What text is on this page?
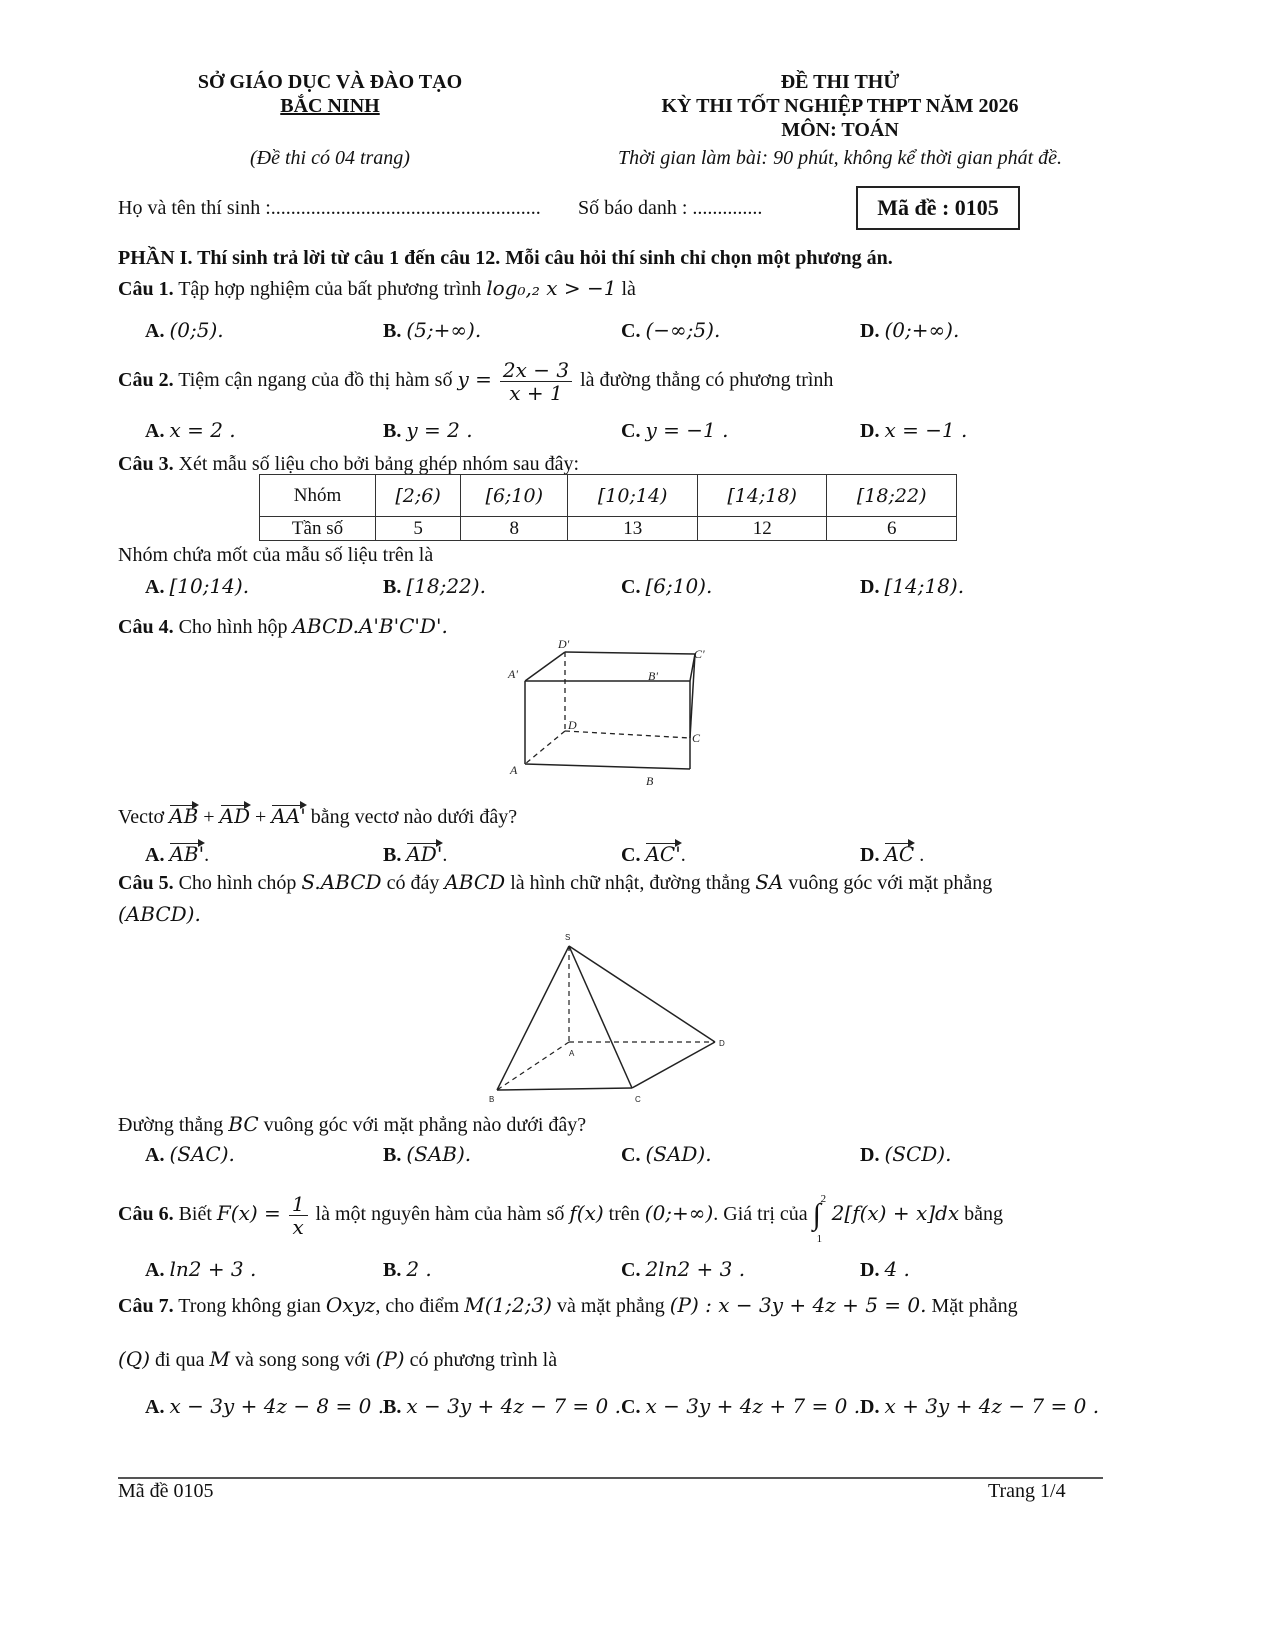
SỞ GIÁO DỤC VÀ ĐÀO TẠO
BẮC NINH
(Đề thi có 04 trang)
ĐỀ THI THỬ
KỲ THI TỐT NGHIỆP THPT NĂM 2026
MÔN: TOÁN
Thời gian làm bài: 90 phút, không kể thời gian phát đề.
Họ và tên thí sinh :...................................................... Số báo danh : ..............	Mã đề : 0105
PHẦN I. Thí sinh trả lời từ câu 1 đến câu 12. Mỗi câu hỏi thí sinh chỉ chọn một phương án.
Câu 1. Tập hợp nghiệm của bất phương trình log₀,₂ x > −1 là
A. (0;5).	B. (5;+∞).	C. (−∞;5).	D. (0;+∞).
Câu 2. Tiệm cận ngang của đồ thị hàm số $y = \frac{2x - 3}{x + 1}$ là đường thẳng có phương trình
A. x = 2 .	B. y = 2 .	C. y = −1 .	D. x = −1 .
Câu 3. Xét mẫu số liệu cho bởi bảng ghép nhóm sau đây:
Nhóm	[2;6)	[6;10)	[10;14)	[14;18)	[18;22)
Tần số	5	8	13	12	6
Nhóm chứa mốt của mẫu số liệu trên là
A. [10;14).	B. [18;22).	C. [6;10).	D. [14;18).
Câu 4. Cho hình hộp ABCD.A'B'C'D'.
D'
C'
A'	B'
D
C
A
B
Vectơ AB + AD + AA' bằng vectơ nào dưới đây?
A. AB'.	B. AD'.	C. AC'.	D. AC .
Câu 5. Cho hình chóp S.ABCD có đáy ABCD là hình chữ nhật, đường thẳng SA vuông góc với mặt phẳng
(ABCD).
S
A
B	C
D
Đường thẳng BC vuông góc với mặt phẳng nào dưới đây?
A. (SAC).	B. (SAB).	C. (SAD).	D. (SCD).
Câu 6. Biết $F(x) = \frac{1}{x}$ là một nguyên hàm của hàm số f(x) trên (0;+∞). Giá trị của ∫ 2
1
2[f(x) + x]dx bằng
A. ln2 + 3 .	B. 2 .	C. 2ln2 + 3 .	D. 4 .
Câu 7. Trong không gian Oxyz, cho điểm M(1;2;3) và mặt phẳng (P) : x − 3y + 4z + 5 = 0. Mặt phẳng
(Q) đi qua M và song song với (P) có phương trình là
A. x − 3y + 4z − 8 = 0 .
B. x − 3y + 4z − 7 = 0 . C. x − 3y + 4z + 7 = 0 . D. x + 3y + 4z − 7 = 0 .
Mã đề 0105	Trang 1/4
